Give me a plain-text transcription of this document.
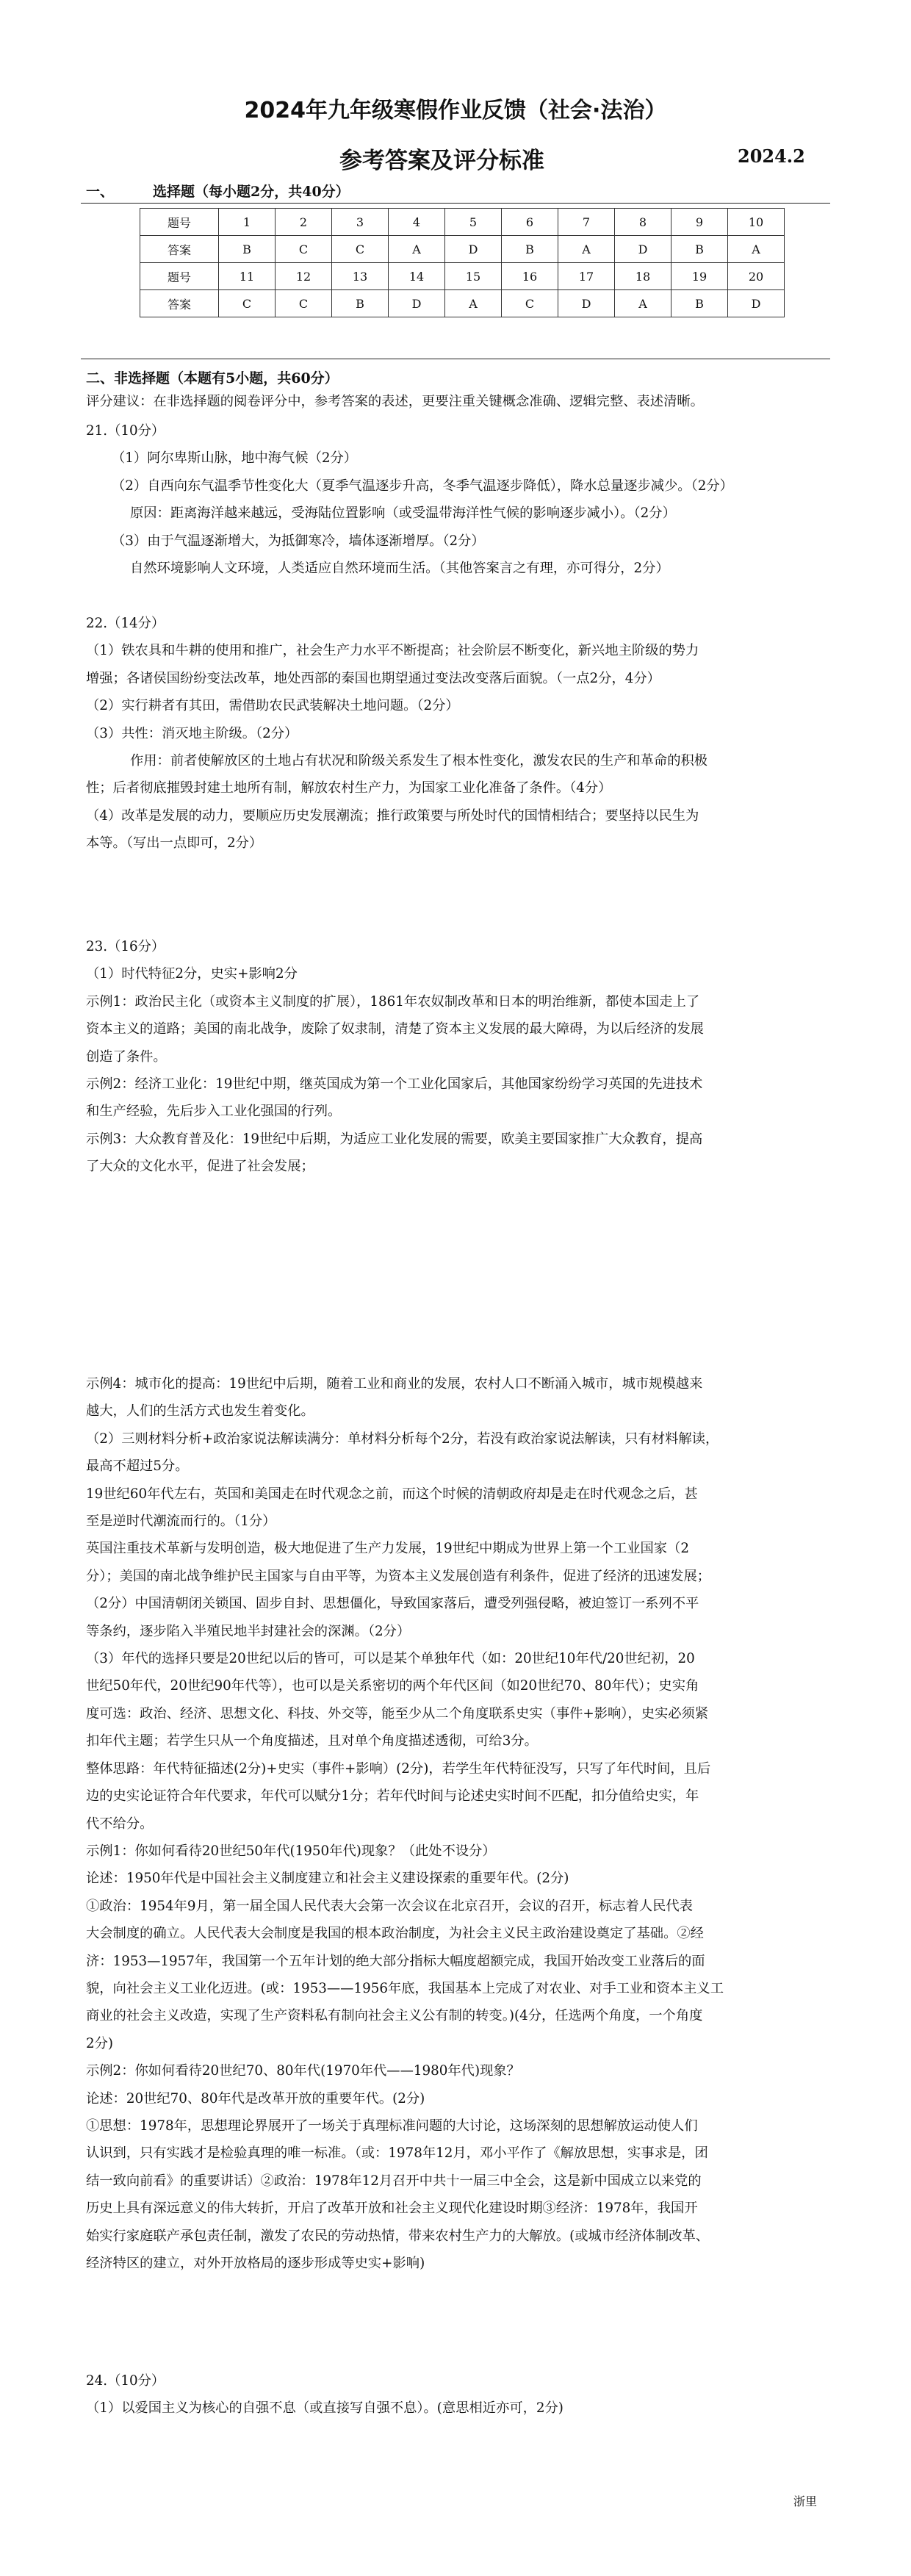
2024年九年级寒假作业反馈（社会·法治）
参考答案及评分标准	2024.2
一、	选择题（每小题2分，共40分）
题号	1	2	3	4	5	6	7	8	9	10
答案	B	C	C	A	D	B	A	D	B	A
题号	11	12	13	14	15	16	17	18	19	20
答案	C	C	B	D	A	C	D	A	B	D
二、非选择题（本题有5小题，共60分）
评分建议：在非选择题的阅卷评分中，参考答案的表述，更要注重关键概念准确、逻辑完整、表述清晰。

21.（10分）

（1）阿尔卑斯山脉，地中海气候（2分）

（2）自西向东气温季节性变化大（夏季气温逐步升高，冬季气温逐步降低），降水总量逐步减少。（2分）

原因：距离海洋越来越远，受海陆位置影响（或受温带海洋性气候的影响逐步减小）。（2分）

（3）由于气温逐渐增大，为抵御寒冷，墙体逐渐增厚。（2分）

自然环境影响人文环境，人类适应自然环境而生活。（其他答案言之有理，亦可得分，2分）

22.（14分）

（1）铁农具和牛耕的使用和推广，社会生产力水平不断提高；社会阶层不断变化，新兴地主阶级的势力

增强；各诸侯国纷纷变法改革，地处西部的秦国也期望通过变法改变落后面貌。（一点2分，4分）

（2）实行耕者有其田，需借助农民武装解决土地问题。（2分）

（3）共性：消灭地主阶级。（2分）

作用：前者使解放区的土地占有状况和阶级关系发生了根本性变化，激发农民的生产和革命的积极

性；后者彻底摧毁封建土地所有制，解放农村生产力，为国家工业化准备了条件。（4分）

（4）改革是发展的动力，要顺应历史发展潮流；推行政策要与所处时代的国情相结合；要坚持以民生为

本等。（写出一点即可，2分）

23.（16分）

（1）时代特征2分，史实+影响2分

示例1：政治民主化（或资本主义制度的扩展），1861年农奴制改革和日本的明治维新，都使本国走上了

资本主义的道路；美国的南北战争，废除了奴隶制，清楚了资本主义发展的最大障碍，为以后经济的发展

创造了条件。

示例2：经济工业化：19世纪中期，继英国成为第一个工业化国家后，其他国家纷纷学习英国的先进技术

和生产经验，先后步入工业化强国的行列。

示例3：大众教育普及化：19世纪中后期，为适应工业化发展的需要，欧美主要国家推广大众教育，提高

了大众的文化水平，促进了社会发展；

示例4：城市化的提高：19世纪中后期，随着工业和商业的发展，农村人口不断涌入城市，城市规模越来

越大，人们的生活方式也发生着变化。

（2）三则材料分析+政治家说法解读满分：单材料分析每个2分，若没有政治家说法解读，只有材料解读，

最高不超过5分。

19世纪60年代左右，英国和美国走在时代观念之前，而这个时候的清朝政府却是走在时代观念之后，甚

至是逆时代潮流而行的。（1分）

英国注重技术革新与发明创造，极大地促进了生产力发展，19世纪中期成为世界上第一个工业国家（2

分）；美国的南北战争维护民主国家与自由平等，为资本主义发展创造有利条件，促进了经济的迅速发展；

（2分）中国清朝闭关锁国、固步自封、思想僵化，导致国家落后，遭受列强侵略，被迫签订一系列不平

等条约，逐步陷入半殖民地半封建社会的深渊。（2分）

（3）年代的选择只要是20世纪以后的皆可，可以是某个单独年代（如：20世纪10年代/20世纪初，20

世纪50年代，20世纪90年代等），也可以是关系密切的两个年代区间（如20世纪70、80年代）；史实角

度可选：政治、经济、思想文化、科技、外交等，能至少从二个角度联系史实（事件+影响），史实必须紧

扣年代主题；若学生只从一个角度描述，且对单个角度描述透彻，可给3分。

整体思路：年代特征描述(2分)+史实（事件+影响）(2分)，若学生年代特征没写，只写了年代时间，且后

边的史实论证符合年代要求，年代可以赋分1分；若年代时间与论述史实时间不匹配，扣分值给史实，年

代不给分。

示例1：你如何看待20世纪50年代(1950年代)现象？（此处不设分）

论述：1950年代是中国社会主义制度建立和社会主义建设探索的重要年代。(2分)

①政治：1954年9月，第一届全国人民代表大会第一次会议在北京召开，会议的召开，标志着人民代表

大会制度的确立。人民代表大会制度是我国的根本政治制度，为社会主义民主政治建设奠定了基础。②经

济：1953—1957年，我国第一个五年计划的绝大部分指标大幅度超额完成，我国开始改变工业落后的面

貌，向社会主义工业化迈进。(或：1953——1956年底，我国基本上完成了对农业、对手工业和资本主义工

商业的社会主义改造，实现了生产资料私有制向社会主义公有制的转变。)(4分，任选两个角度，一个角度

2分)

示例2：你如何看待20世纪70、80年代(1970年代——1980年代)现象？

论述：20世纪70、80年代是改革开放的重要年代。(2分)

①思想：1978年，思想理论界展开了一场关于真理标准问题的大讨论，这场深刻的思想解放运动使人们

认识到，只有实践才是检验真理的唯一标准。（或：1978年12月，邓小平作了《解放思想，实事求是，团

结一致向前看》的重要讲话）②政治：1978年12月召开中共十一届三中全会，这是新中国成立以来党的

历史上具有深远意义的伟大转折，开启了改革开放和社会主义现代化建设时期③经济：1978年，我国开

始实行家庭联产承包责任制，激发了农民的劳动热情，带来农村生产力的大解放。(或城市经济体制改革、

经济特区的建立，对外开放格局的逐步形成等史实+影响)

24.（10分）

（1）以爱国主义为核心的自强不息（或直接写自强不息）。(意思相近亦可，2分)

浙里
